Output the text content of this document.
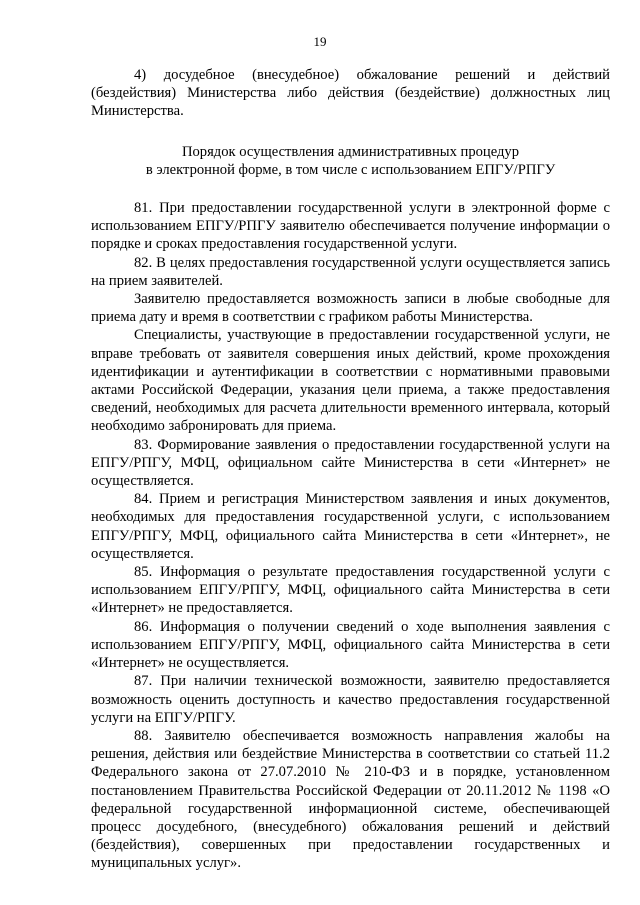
19

4) досудебное (внесудебное) обжалование решений и действий (бездействия) Министерства либо действия (бездействие) должностных лиц Министерства.

Порядок осуществления административных процедур
в электронной форме, в том числе с использованием ЕПГУ/РПГУ

81. При предоставлении государственной услуги в электронной форме с использованием ЕПГУ/РПГУ заявителю обеспечивается получение информации о порядке и сроках предоставления государственной услуги.

82. В целях предоставления государственной услуги осуществляется запись на прием заявителей.

Заявителю предоставляется возможность записи в любые свободные для приема дату и время в соответствии с графиком работы Министерства.

Специалисты, участвующие в предоставлении государственной услуги, не вправе требовать от заявителя совершения иных действий, кроме прохождения идентификации и аутентификации в соответствии с нормативными правовыми актами Российской Федерации, указания цели приема, а также предоставления сведений, необходимых для расчета длительности временного интервала, который необходимо забронировать для приема.

83. Формирование заявления о предоставлении государственной услуги на ЕПГУ/РПГУ, МФЦ, официальном сайте Министерства в сети «Интернет» не осуществляется.

84. Прием и регистрация Министерством заявления и иных документов, необходимых для предоставления государственной услуги, с использованием ЕПГУ/РПГУ, МФЦ, официального сайта Министерства в сети «Интернет», не осуществляется.

85. Информация о результате предоставления государственной услуги с использованием ЕПГУ/РПГУ, МФЦ, официального сайта Министерства в сети «Интернет» не предоставляется.

86. Информация о получении сведений о ходе выполнения заявления с использованием ЕПГУ/РПГУ, МФЦ, официального сайта Министерства в сети «Интернет» не осуществляется.

87. При наличии технической возможности, заявителю предоставляется возможность оценить доступность и качество предоставления государственной услуги на ЕПГУ/РПГУ.

88. Заявителю обеспечивается возможность направления жалобы на решения, действия или бездействие Министерства в соответствии со статьей 11.2 Федерального закона от 27.07.2010 № 210-ФЗ и в порядке, установленном постановлением Правительства Российской Федерации от 20.11.2012 № 1198 «О федеральной государственной информационной системе, обеспечивающей процесс досудебного, (внесудебного) обжалования решений и действий (бездействия), совершенных при предоставлении государственных и муниципальных услуг».
